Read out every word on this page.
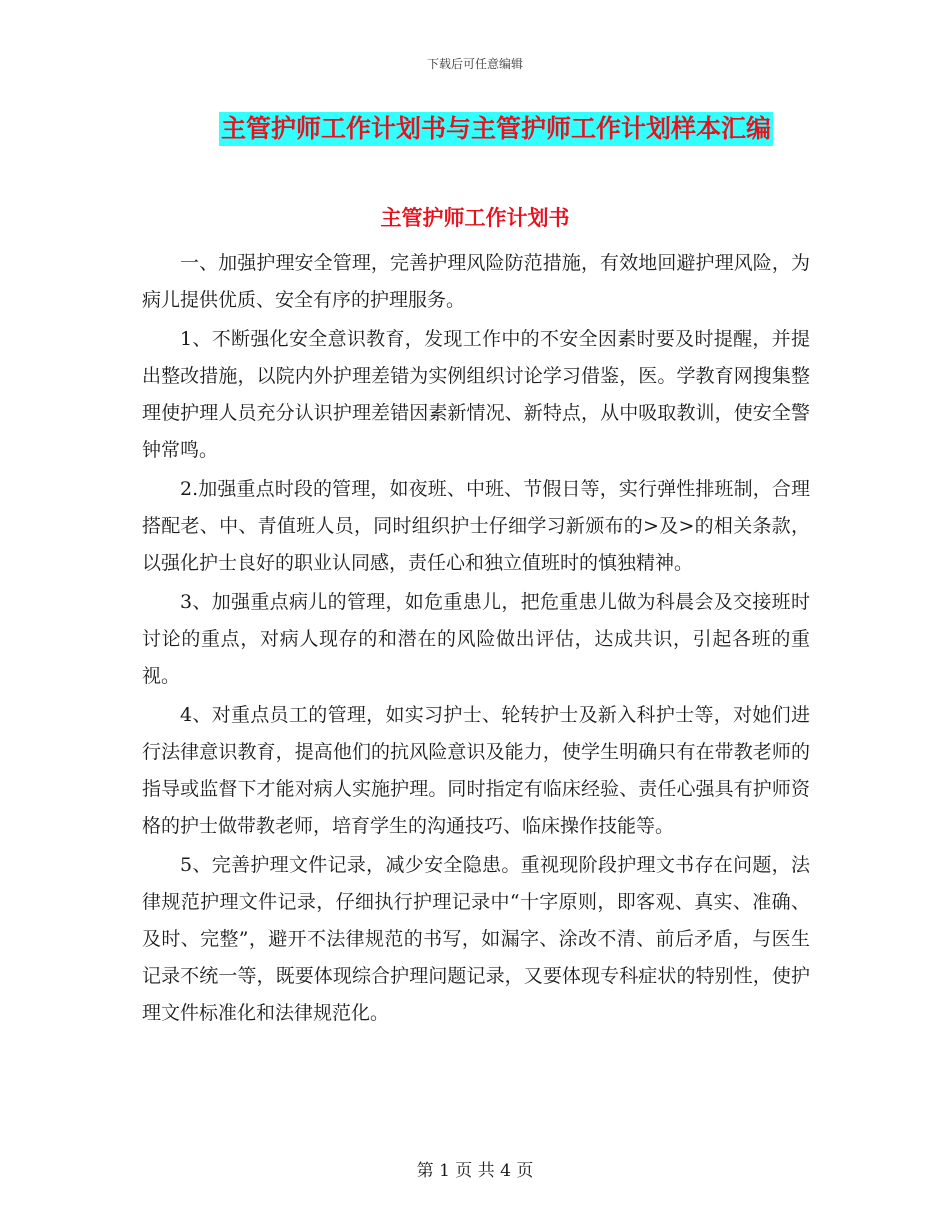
下载后可任意编辑
主管护师工作计划书与主管护师工作计划样本汇编
主管护师工作计划书

一、加强护理安全管理，完善护理风险防范措施，有效地回避护理风险，为病儿提供优质、安全有序的护理服务。

1、不断强化安全意识教育，发现工作中的不安全因素时要及时提醒，并提出整改措施，以院内外护理差错为实例组织讨论学习借鉴，医。学教育网搜集整理使护理人员充分认识护理差错因素新情况、新特点，从中吸取教训，使安全警钟常鸣。

2.加强重点时段的管理，如夜班、中班、节假日等，实行弹性排班制，合理搭配老、中、青值班人员，同时组织护士仔细学习新颁布的>及>的相关条款，以强化护士良好的职业认同感，责任心和独立值班时的慎独精神。

3、加强重点病儿的管理，如危重患儿，把危重患儿做为科晨会及交接班时讨论的重点，对病人现存的和潜在的风险做出评估，达成共识，引起各班的重视。

4、对重点员工的管理，如实习护士、轮转护士及新入科护士等，对她们进行法律意识教育，提高他们的抗风险意识及能力，使学生明确只有在带教老师的指导或监督下才能对病人实施护理。同时指定有临床经验、责任心强具有护师资格的护士做带教老师，培育学生的沟通技巧、临床操作技能等。

5、完善护理文件记录，减少安全隐患。重视现阶段护理文书存在问题，法律规范护理文件记录，仔细执行护理记录中“十字原则，即客观、真实、准确、及时、完整”，避开不法律规范的书写，如漏字、涂改不清、前后矛盾，与医生记录不统一等，既要体现综合护理问题记录，又要体现专科症状的特别性，使护理文件标准化和法律规范化。

第 1 页 共 4 页
